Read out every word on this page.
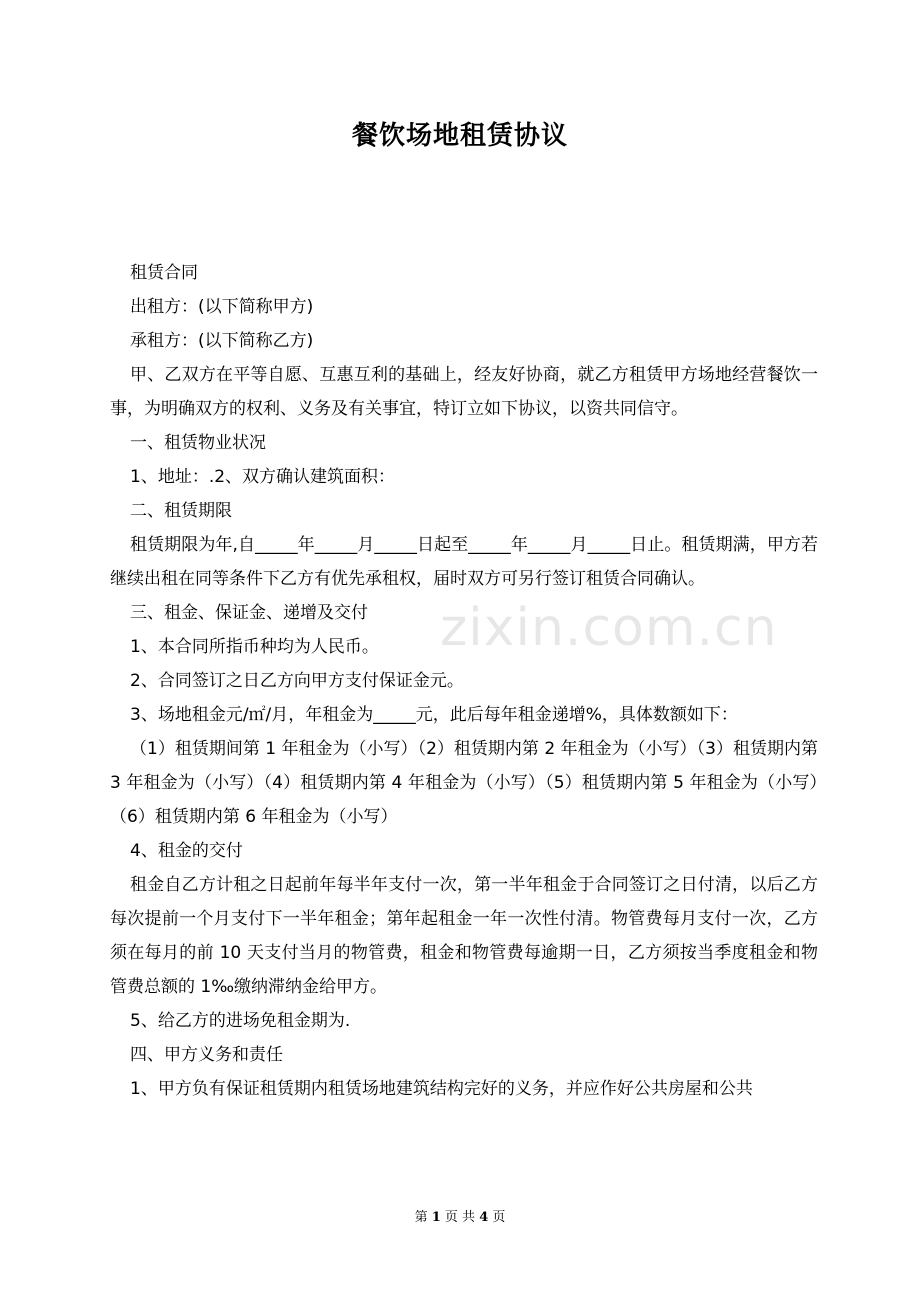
餐饮场地租赁协议

租赁合同

出租方：(以下简称甲方)

承租方：(以下简称乙方)

甲、乙双方在平等自愿、互惠互利的基础上，经友好协商，就乙方租赁甲方场地经营餐饮一事，为明确双方的权利、义务及有关事宜，特订立如下协议，以资共同信守。

一、租赁物业状况

1、地址：.2、双方确认建筑面积：

二、租赁期限

租赁期限为年,自_____年_____月_____日起至_____年_____月_____日止。租赁期满，甲方若继续出租在同等条件下乙方有优先承租权，届时双方可另行签订租赁合同确认。

三、租金、保证金、递增及交付

1、本合同所指币种均为人民币。

2、合同签订之日乙方向甲方支付保证金元。

3、场地租金元/㎡/月，年租金为_____元，此后每年租金递增%，具体数额如下：

（1）租赁期间第 1 年租金为（小写）（2）租赁期内第 2 年租金为（小写）（3）租赁期内第 3 年租金为（小写）（4）租赁期内第 4 年租金为（小写）（5）租赁期内第 5 年租金为（小写）（6）租赁期内第 6 年租金为（小写）

4、租金的交付

租金自乙方计租之日起前年每半年支付一次，第一半年租金于合同签订之日付清，以后乙方每次提前一个月支付下一半年租金；第年起租金一年一次性付清。物管费每月支付一次，乙方须在每月的前 10 天支付当月的物管费，租金和物管费每逾期一日，乙方须按当季度租金和物管费总额的 1‰缴纳滞纳金给甲方。

5、给乙方的进场免租金期为.

四、甲方义务和责任

1、甲方负有保证租赁期内租赁场地建筑结构完好的义务，并应作好公共房屋和公共

zixin.com.cn
第 1 页 共 4 页
